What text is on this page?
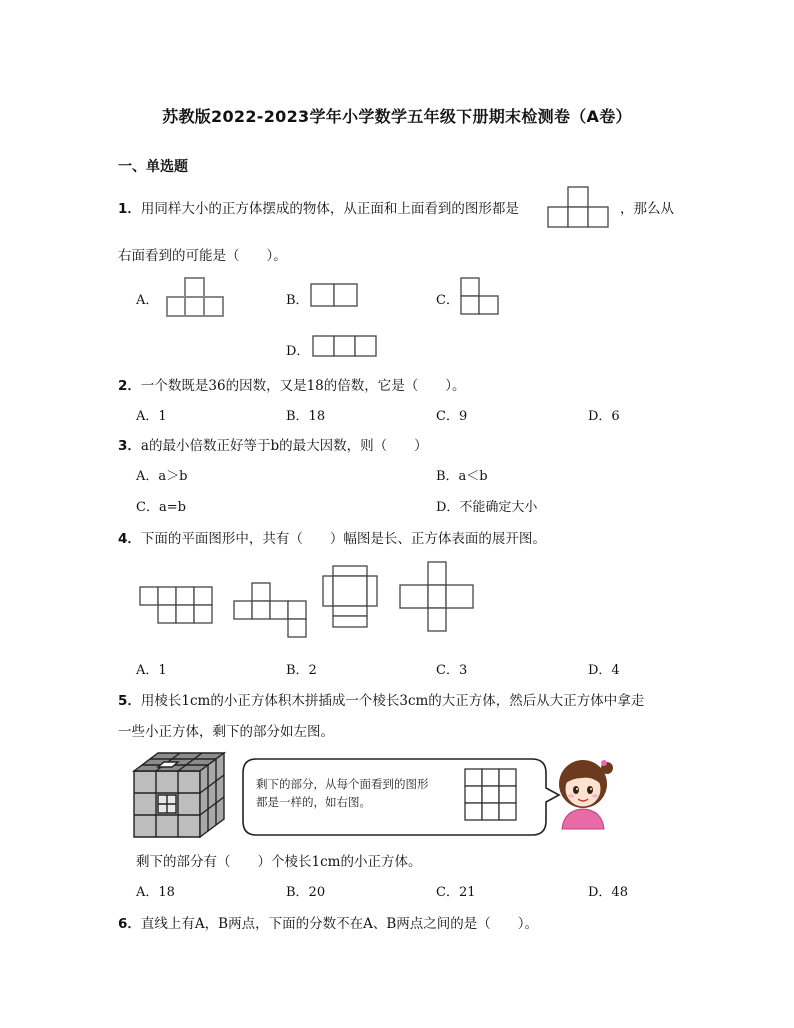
苏教版2022-2023学年小学数学五年级下册期末检测卷（A卷）
一、单选题
1．用同样大小的正方体摆成的物体，从正面和上面看到的图形都是	，那么从
右面看到的可能是（　　）。
A．	B．	C．
D．
2．一个数既是36的因数，又是18的倍数，它是（　　）。
A．1	B．18	C．9	D．6
3．a的最小倍数正好等于b的最大因数，则（　　）
A．a＞b	B．a＜b
C．a=b	D．不能确定大小
4．下面的平面图形中，共有（　　）幅图是长、正方体表面的展开图。
A．1	B．2	C．3	D．4
5．用棱长1cm的小正方体积木拼插成一个棱长3cm的大正方体，然后从大正方体中拿走
一些小正方体，剩下的部分如左图。
剩下的部分，从每个面看到的图形
都是一样的，如右图。
剩下的部分有（　　）个棱长1cm的小正方体。
A．18	B．20	C．21	D．48
6．直线上有A，B两点，下面的分数不在A、B两点之间的是（　　）。
